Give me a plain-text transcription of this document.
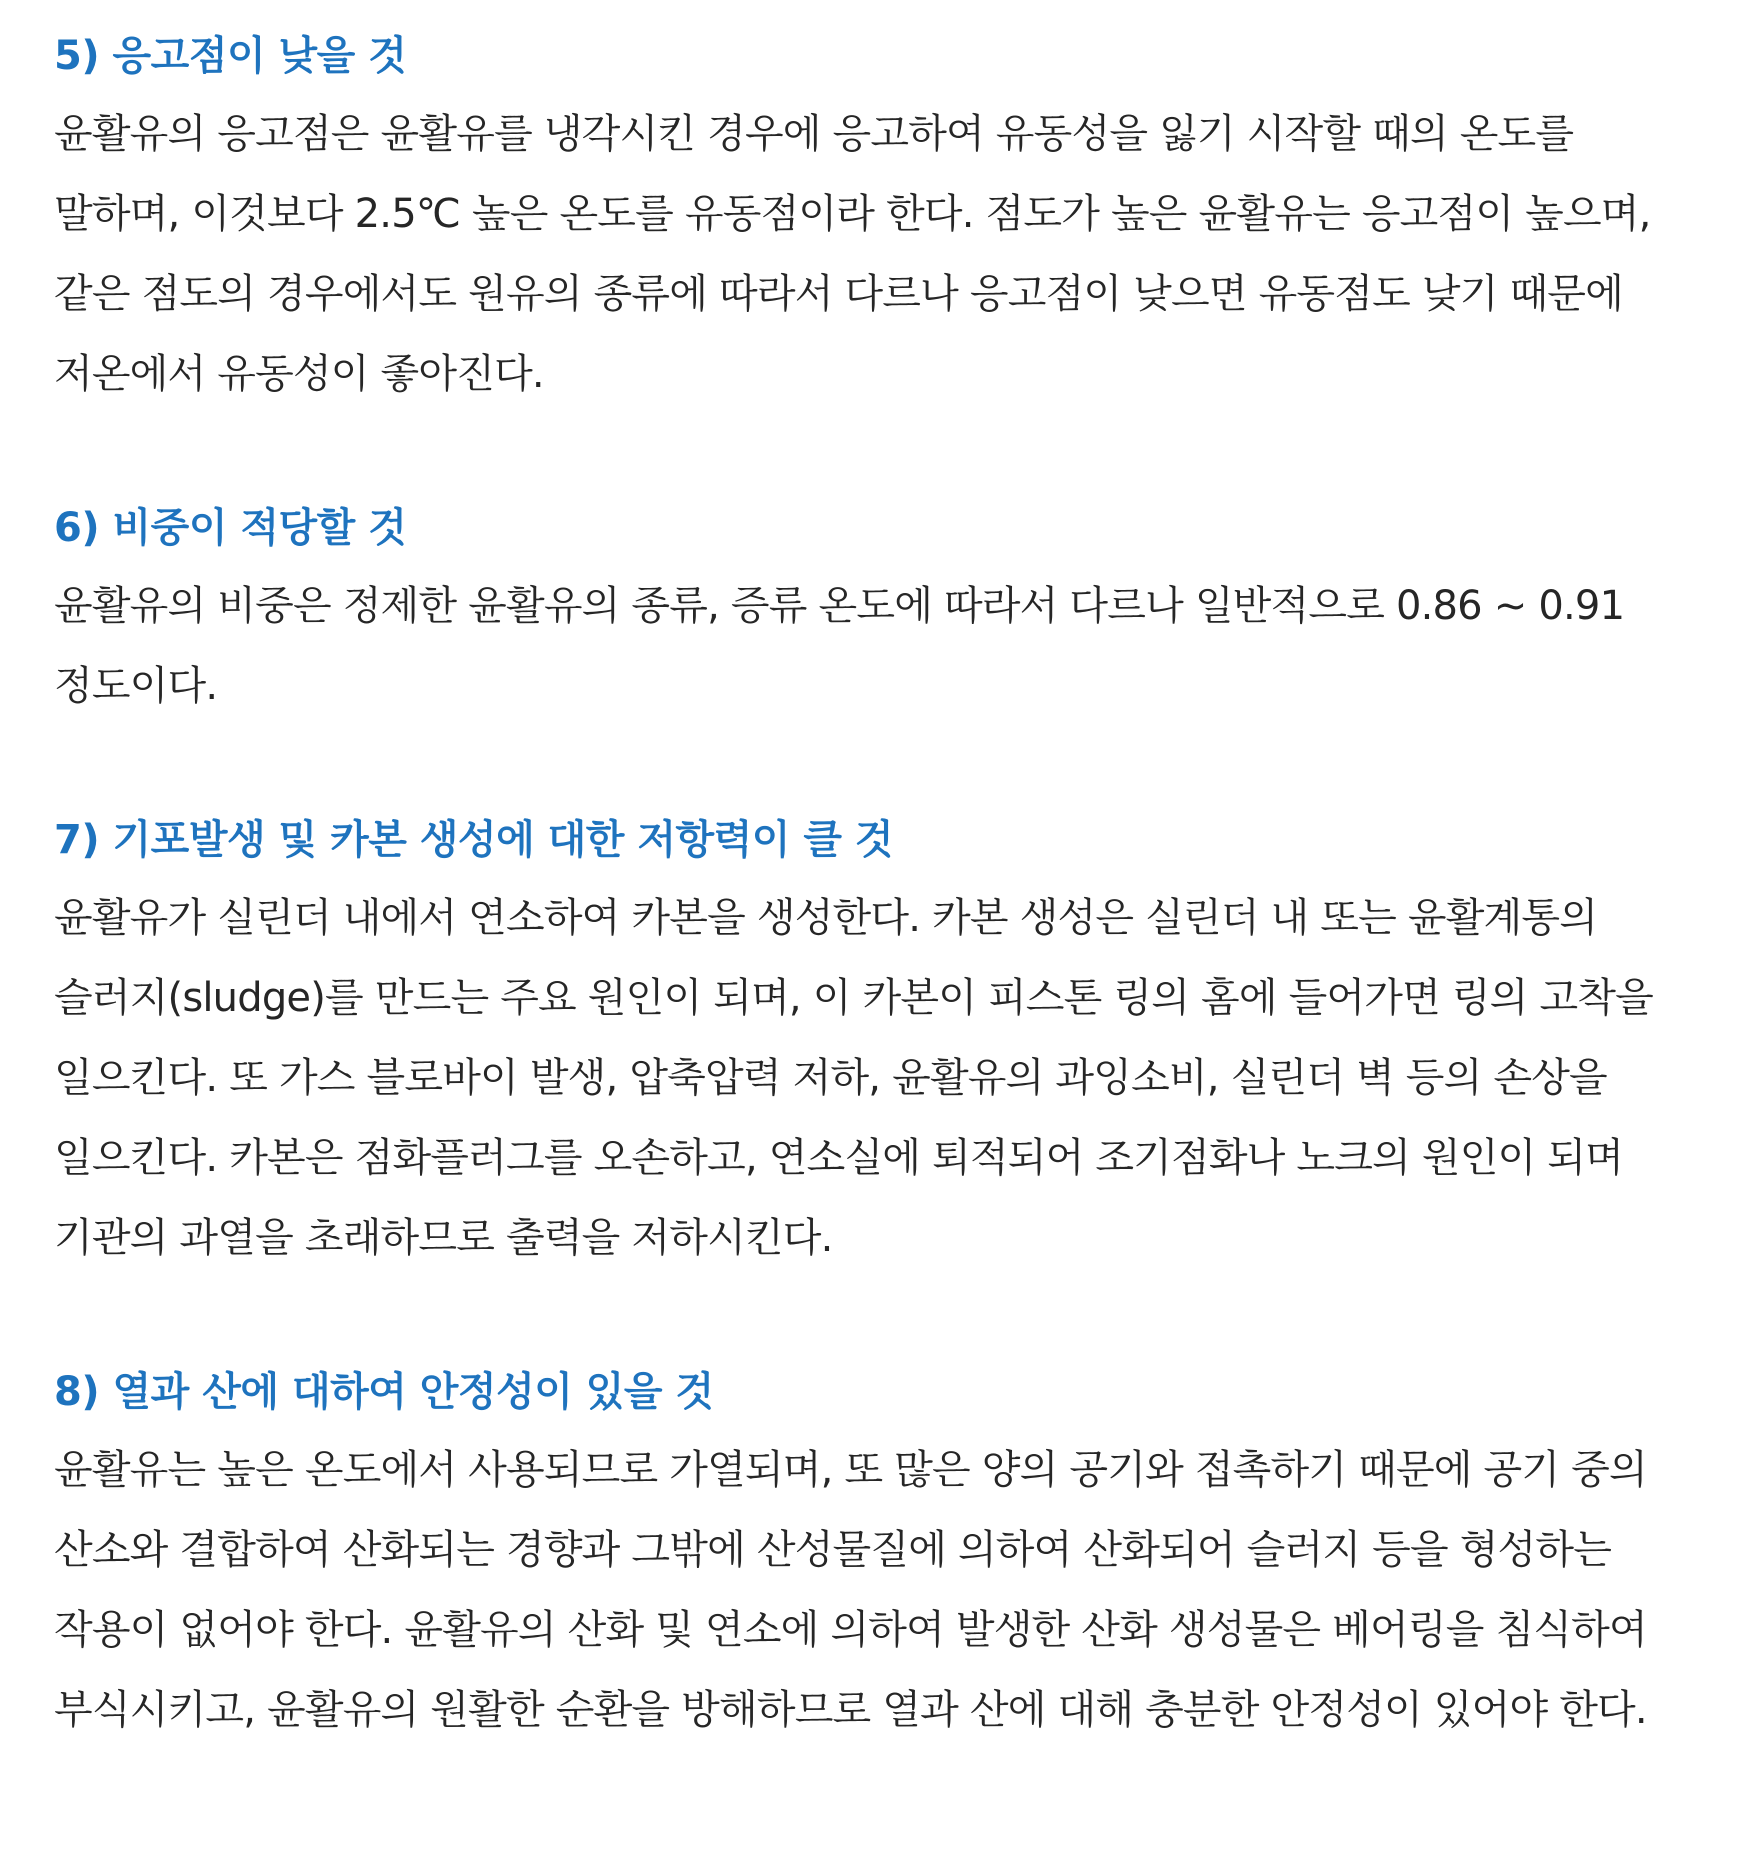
5) 응고점이 낮을 것

윤활유의 응고점은 윤활유를 냉각시킨 경우에 응고하여 유동성을 잃기 시작할 때의 온도를 말하며, 이것보다 2.5℃ 높은 온도를 유동점이라 한다. 점도가 높은 윤활유는 응고점이 높으며, 같은 점도의 경우에서도 원유의 종류에 따라서 다르나 응고점이 낮으면 유동점도 낮기 때문에 저온에서 유동성이 좋아진다.

6) 비중이 적당할 것

윤활유의 비중은 정제한 윤활유의 종류, 증류 온도에 따라서 다르나 일반적으로 0.86 ~ 0.91 정도이다.

7) 기포발생 및 카본 생성에 대한 저항력이 클 것

윤활유가 실린더 내에서 연소하여 카본을 생성한다. 카본 생성은 실린더 내 또는 윤활계통의 슬러지(sludge)를 만드는 주요 원인이 되며, 이 카본이 피스톤 링의 홈에 들어가면 링의 고착을 일으킨다. 또 가스 블로바이 발생, 압축압력 저하, 윤활유의 과잉소비, 실린더 벽 등의 손상을 일으킨다. 카본은 점화플러그를 오손하고, 연소실에 퇴적되어 조기점화나 노크의 원인이 되며 기관의 과열을 초래하므로 출력을 저하시킨다.

8) 열과 산에 대하여 안정성이 있을 것

윤활유는 높은 온도에서 사용되므로 가열되며, 또 많은 양의 공기와 접촉하기 때문에 공기 중의 산소와 결합하여 산화되는 경향과 그밖에 산성물질에 의하여 산화되어 슬러지 등을 형성하는 작용이 없어야 한다. 윤활유의 산화 및 연소에 의하여 발생한 산화 생성물은 베어링을 침식하여 부식시키고, 윤활유의 원활한 순환을 방해하므로 열과 산에 대해 충분한 안정성이 있어야 한다.
